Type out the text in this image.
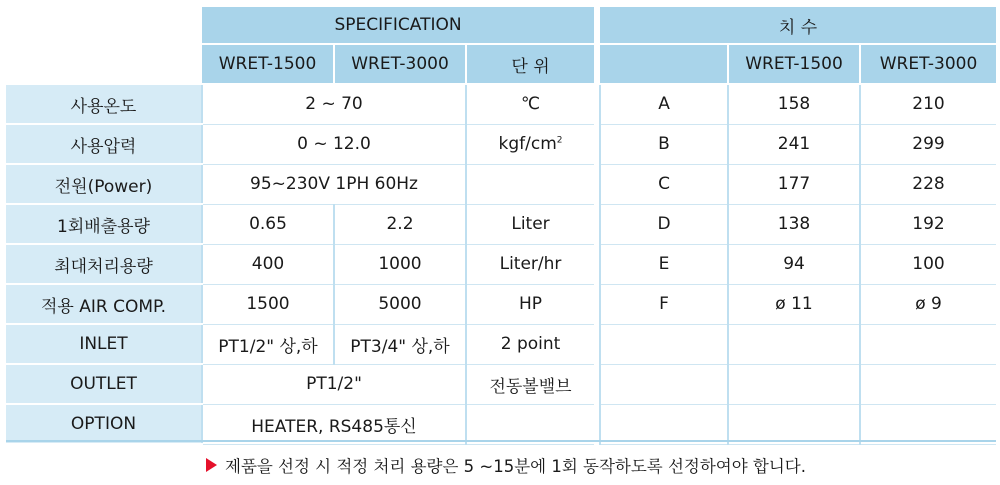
	SPECIFICATION				치 수		
	WRET-1500	WRET-3000	단 위			WRET-1500	WRET-3000
사용온도	2 ~ 70		℃		A	158	210
사용압력	0 ~ 12.0		kgf/$cm^2$		B	241	299
전원(Power)	95~230V 1PH 60Hz				C	177	228
1회배출용량	0.65	2.2	Liter		D	138	192
최대처리용량	400	1000	Liter/hr		E	94	100
적용 AIR COMP.	1500	5000	HP		F	ø 11	ø 9
INLET	PT1/2" 상,하	PT3/4" 상,하	2 point				
OUTLET	PT1/2"		전동볼밸브				
OPTION	HEATER, RS485통신						
제품을 선정 시 적정 처리 용량은 5 ~15분에 1회 동작하도록 선정하여야 합니다.
